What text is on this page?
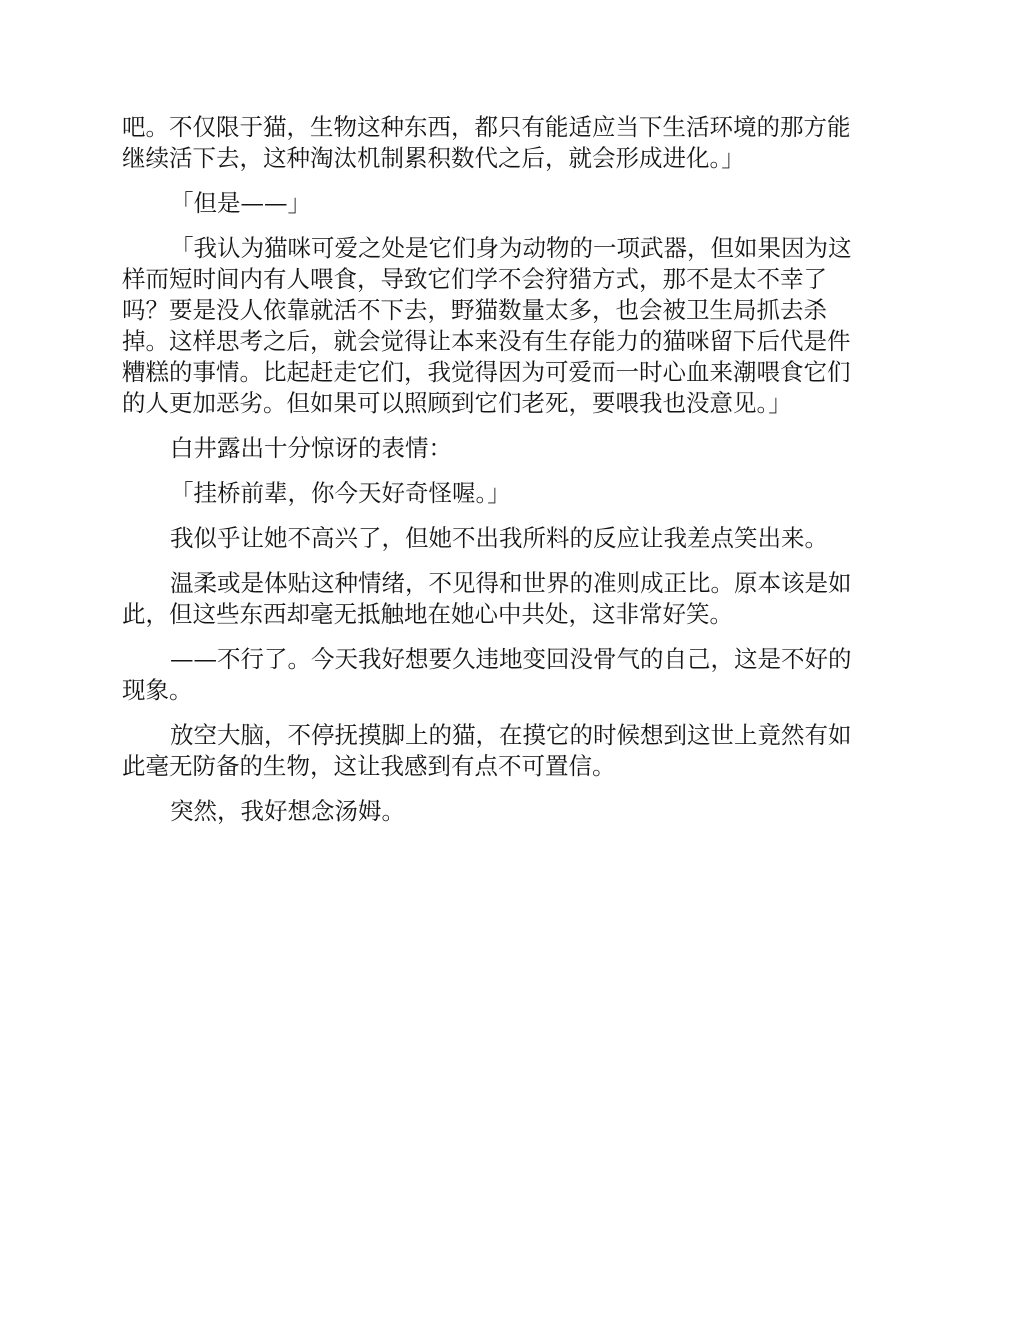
吧。不仅限于猫，生物这种东西，都只有能适应当下生活环境的那方能
继续活下去，这种淘汰机制累积数代之后，就会形成进化。」

「但是——」

「我认为猫咪可爱之处是它们身为动物的一项武器，但如果因为这
样而短时间内有人喂食，导致它们学不会狩猎方式，那不是太不幸了
吗？要是没人依靠就活不下去，野猫数量太多，也会被卫生局抓去杀
掉。这样思考之后，就会觉得让本来没有生存能力的猫咪留下后代是件
糟糕的事情。比起赶走它们，我觉得因为可爱而一时心血来潮喂食它们
的人更加恶劣。但如果可以照顾到它们老死，要喂我也没意见。」

白井露出十分惊讶的表情：

「挂桥前辈，你今天好奇怪喔。」

我似乎让她不高兴了，但她不出我所料的反应让我差点笑出来。

温柔或是体贴这种情绪，不见得和世界的准则成正比。原本该是如
此，但这些东西却毫无抵触地在她心中共处，这非常好笑。

——不行了。今天我好想要久违地变回没骨气的自己，这是不好的
现象。

放空大脑，不停抚摸脚上的猫，在摸它的时候想到这世上竟然有如
此毫无防备的生物，这让我感到有点不可置信。

突然，我好想念汤姆。
